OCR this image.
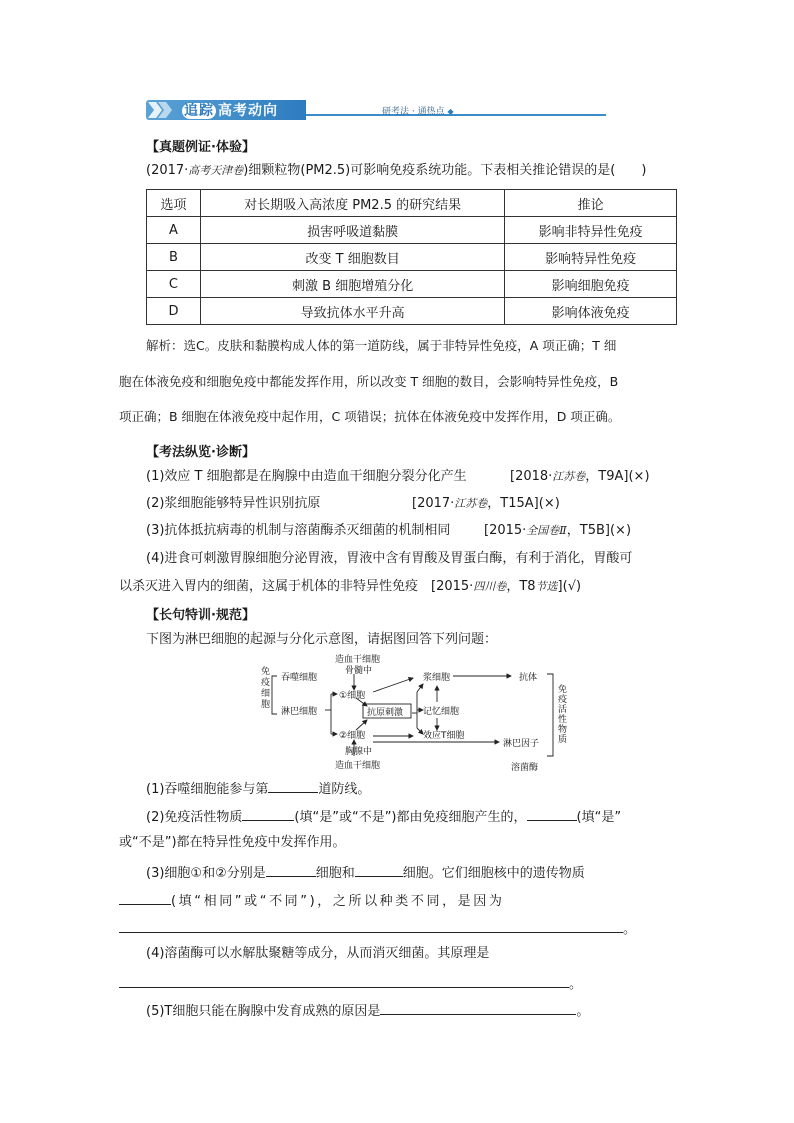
追踪 高考动向	研考法 · 通热点 ◆
【真题例证·体验】
(2017·高考天津卷)细颗粒物(PM2.5)可影响免疫系统功能。下表相关推论错误的是(　　)
选项	对长期吸入高浓度 PM2.5 的研究结果	推论
A	损害呼吸道黏膜	影响非特异性免疫
B	改变 T 细胞数目	影响特异性免疫
C	刺激 B 细胞增殖分化	影响细胞免疫
D	导致抗体水平升高	影响体液免疫
解析：选C。皮肤和黏膜构成人体的第一道防线，属于非特异性免疫，A 项正确；T 细
胞在体液免疫和细胞免疫中都能发挥作用，所以改变 T 细胞的数目，会影响特异性免疫，B
项正确；B 细胞在体液免疫中起作用，C 项错误；抗体在体液免疫中发挥作用，D 项正确。
【考法纵览·诊断】
(1)效应 T 细胞都是在胸腺中由造血干细胞分裂分化产生	[2018·江苏卷，T9A](×)
(2)浆细胞能够特异性识别抗原	[2017·江苏卷，T15A](×)
(3)抗体抵抗病毒的机制与溶菌酶杀灭细菌的机制相同	[2015·全国卷Ⅱ，T5B](×)
(4)进食可刺激胃腺细胞分泌胃液，胃液中含有胃酸及胃蛋白酶，有利于消化，胃酸可
以杀灭进入胃内的细菌，这属于机体的非特异性免疫　 [2015·四川卷，T8节选](√)
【长句特训·规范】
下图为淋巴细胞的起源与分化示意图，请据图回答下列问题：
免疫细胞
吞噬细胞
淋巴细胞
造血干细胞
骨髓中
①细胞
②细胞
抗原刺激
浆细胞
记忆细胞
效应T细胞
抗体
淋巴因子
溶菌酶
胸腺中
造血干细胞
免疫活性物质
(1)吞噬细胞能参与第	道防线。
(2)免疫活性物质	(填“是”或“不是”)都由免疫细胞产生的，	(填“是”
或“不是”)都在特异性免疫中发挥作用。
(3)细胞①和②分别是	细胞和	细胞。它们细胞核中的遗传物质
(填“相同”或“不同”)，之所以种类不同，是因为
。
(4)溶菌酶可以水解肽聚糖等成分，从而消灭细菌。其原理是
。
(5)T细胞只能在胸腺中发育成熟的原因是	。
